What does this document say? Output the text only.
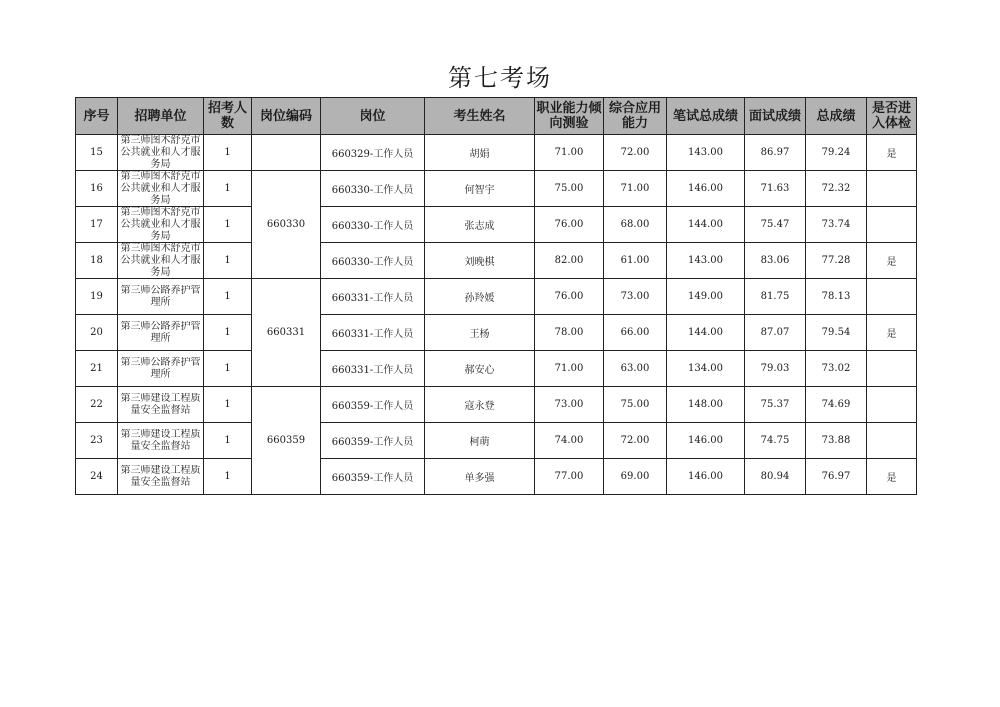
第七考场
序号	招聘单位	招考人数	岗位编码	岗位	考生姓名	职业能力倾向测验	综合应用能力	笔试总成绩	面试成绩	总成绩	是否进入体检
15	第三师图木舒克市公共就业和人才服务局	1		660329-工作人员	胡娟	71.00	72.00	143.00	86.97	79.24	是
16	第三师图木舒克市公共就业和人才服务局	1	660330	660330-工作人员	何智宇	75.00	71.00	146.00	71.63	72.32	
17	第三师图木舒克市公共就业和人才服务局	1		660330-工作人员	张志成	76.00	68.00	144.00	75.47	73.74	
18	第三师图木舒克市公共就业和人才服务局	1		660330-工作人员	刘晚棋	82.00	61.00	143.00	83.06	77.28	是
19	第三师公路养护管理所	1	660331	660331-工作人员	孙羚媛	76.00	73.00	149.00	81.75	78.13	
20	第三师公路养护管理所	1		660331-工作人员	王杨	78.00	66.00	144.00	87.07	79.54	是
21	第三师公路养护管理所	1		660331-工作人员	郝安心	71.00	63.00	134.00	79.03	73.02	
22	第三师建设工程质量安全监督站	1	660359	660359-工作人员	寇永登	73.00	75.00	148.00	75.37	74.69	
23	第三师建设工程质量安全监督站	1		660359-工作人员	柯萌	74.00	72.00	146.00	74.75	73.88	
24	第三师建设工程质量安全监督站	1		660359-工作人员	单多强	77.00	69.00	146.00	80.94	76.97	是
